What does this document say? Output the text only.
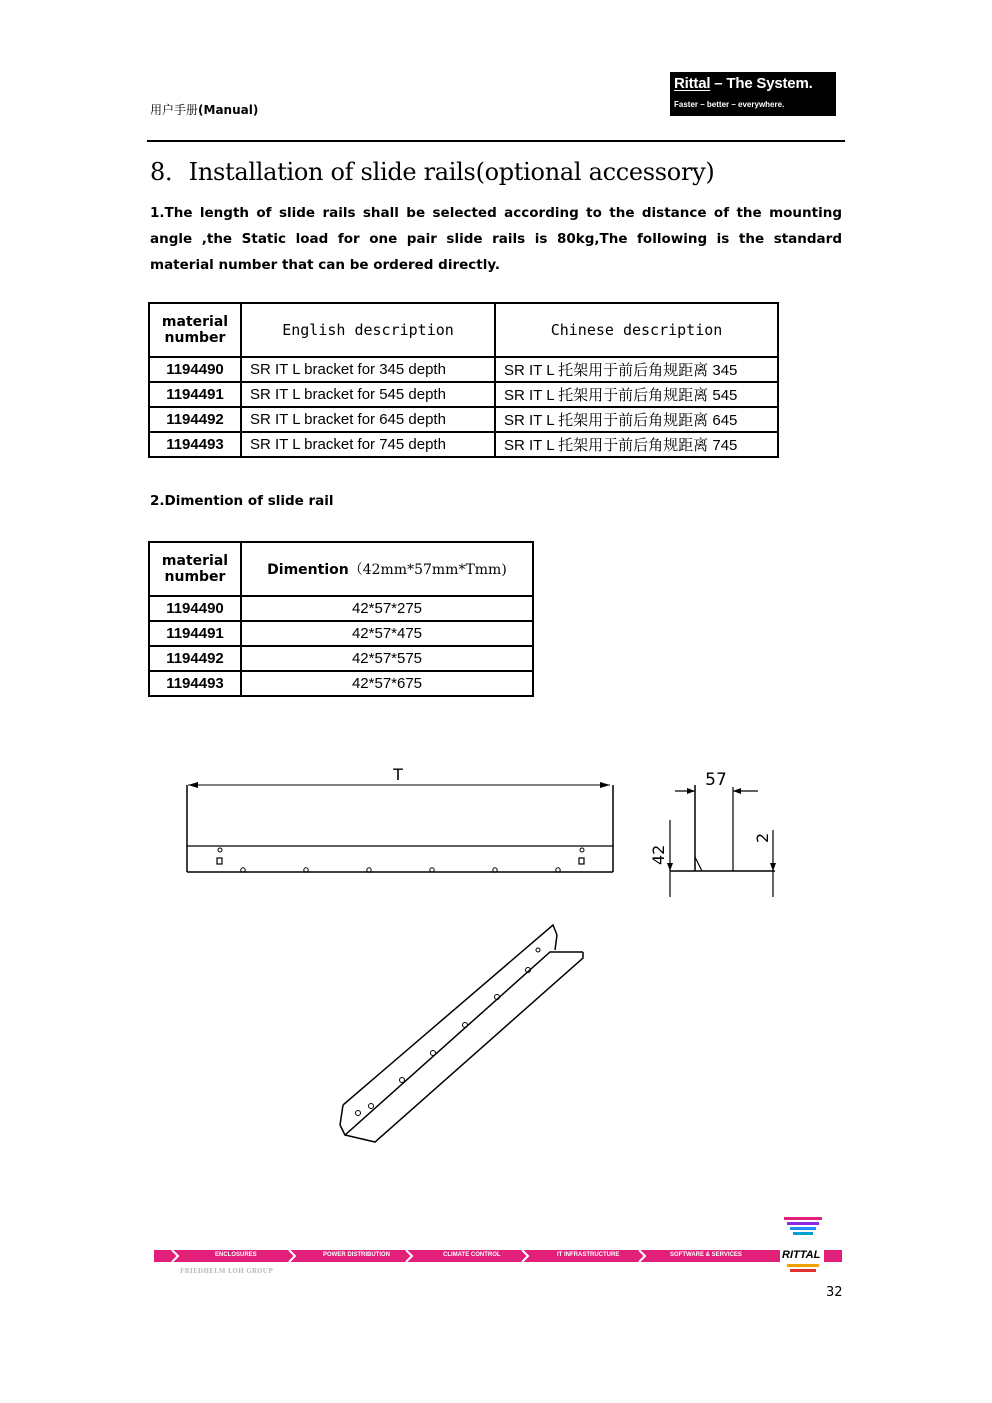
用户手册(Manual)
Rittal – The System.
Faster – better – everywhere.
8．Installation of slide rails(optional accessory)
1.The length of slide rails shall be selected according to the distance of the mounting angle ,the Static load for one pair slide rails is 80kg,The following is the standard material number that can be ordered directly.
material number	English description	Chinese description
1194490	SR IT L bracket for 345 depth	SR IT L 托架用于前后角规距离 345
1194491	SR IT L bracket for 545 depth	SR IT L 托架用于前后角规距离 545
1194492	SR IT L bracket for 645 depth	SR IT L 托架用于前后角规距离 645
1194493	SR IT L bracket for 745 depth	SR IT L 托架用于前后角规距离 745
2.Dimention of slide rail
material number	Dimention（42mm*57mm*Tmm)
1194490	42*57*275
1194491	42*57*475
1194492	42*57*575
1194493	42*57*675
T	57
42
2
ENCLOSURES	POWER DISTRIBUTION	CLIMATE CONTROL	IT INFRASTRUCTURE	SOFTWARE & SERVICES	RITTAL
FRIEDHELM LOH GROUP
32
